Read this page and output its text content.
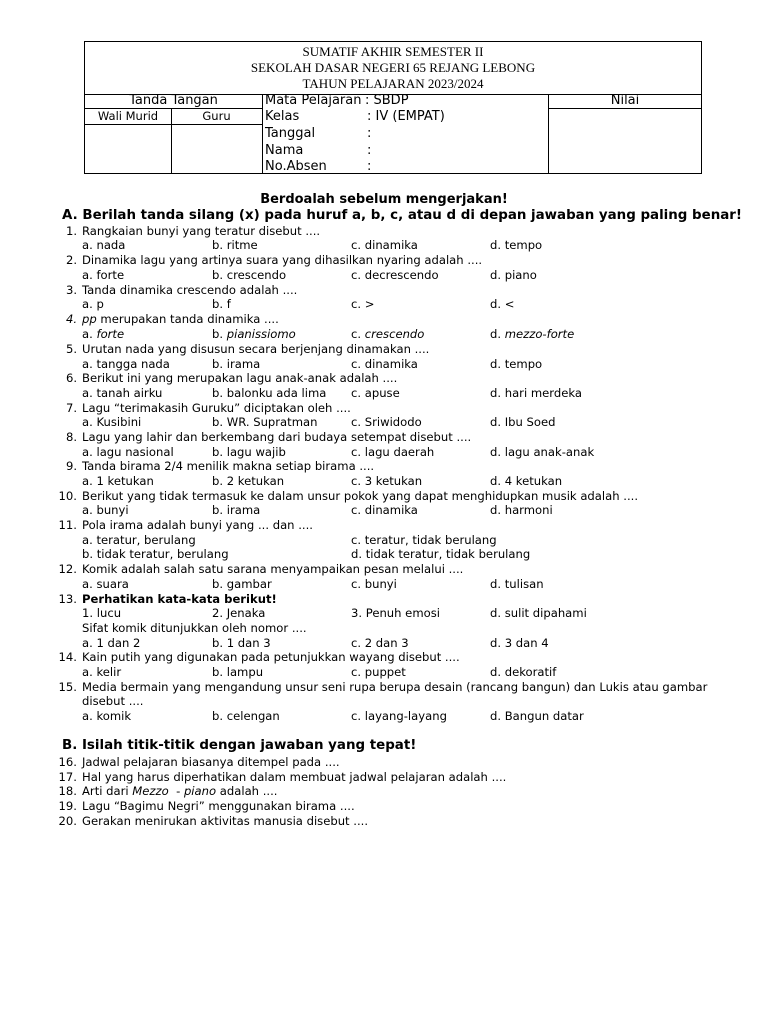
SUMATIF AKHIR SEMESTER II
SEKOLAH DASAR NEGERI 65 REJANG LEBONG
TAHUN PELAJARAN 2023/2024
Tanda Tangan
Wali Murid	Guru
Nilai
Mata Pelajaran : SBDP
Kelas	: IV (EMPAT)
Tanggal	:
Nama	:
No.Absen	:
Berdoalah sebelum mengerjakan!
A. Berilah tanda silang (x) pada huruf a, b, c, atau d di depan jawaban yang paling benar!
1. Rangkaian bunyi yang teratur disebut ....
a. nada	b. ritme	c. dinamika	d. tempo
2. Dinamika lagu yang artinya suara yang dihasilkan nyaring adalah ....
a. forte	b. crescendo	c. decrescendo	d. piano
3. Tanda dinamika crescendo adalah ....
a. p	b. f	c. >	d. <
4. pp merupakan tanda dinamika ....
a. forte	b. pianissiomo	c. crescendo	d. mezzo-forte
5. Urutan nada yang disusun secara berjenjang dinamakan ....
a. tangga nada	b. irama	c. dinamika	d. tempo
6. Berikut ini yang merupakan lagu anak-anak adalah ....
a. tanah airku	b. balonku ada lima c. apuse	d. hari merdeka
7. Lagu “terimakasih Guruku” diciptakan oleh ....
a. Kusibini	b. WR. Supratman	c. Sriwidodo	d. Ibu Soed
8. Lagu yang lahir dan berkembang dari budaya setempat disebut ....
a. lagu nasional	b. lagu wajib	c. lagu daerah	d. lagu anak-anak
9. Tanda birama 2/4 menilik makna setiap birama ....
a. 1 ketukan	b. 2 ketukan	c. 3 ketukan	d. 4 ketukan
10. Berikut yang tidak termasuk ke dalam unsur pokok yang dapat menghidupkan musik adalah ....
a. bunyi	b. irama	c. dinamika	d. harmoni
11. Pola irama adalah bunyi yang ... dan ....
a. teratur, berulang	c. teratur, tidak berulang
b. tidak teratur, berulang	d. tidak teratur, tidak berulang
12. Komik adalah salah satu sarana menyampaikan pesan melalui ....
a. suara	b. gambar	c. bunyi	d. tulisan
13. Perhatikan kata-kata berikut!
1. lucu	2. Jenaka	3. Penuh emosi	d. sulit dipahami
Sifat komik ditunjukkan oleh nomor ....
a. 1 dan 2	b. 1 dan 3	c. 2 dan 3	d. 3 dan 4
14. Kain putih yang digunakan pada petunjukkan wayang disebut ....
a. kelir	b. lampu	c. puppet	d. dekoratif
15. Media bermain yang mengandung unsur seni rupa berupa desain (rancang bangun) dan Lukis atau gambar
disebut ....
a. komik	b. celengan	c. layang-layang	d. Bangun datar
B. Isilah titik-titik dengan jawaban yang tepat!
16. Jadwal pelajaran biasanya ditempel pada ....
17. Hal yang harus diperhatikan dalam membuat jadwal pelajaran adalah ....
18. Arti dari Mezzo  - piano adalah ....
19. Lagu “Bagimu Negri” menggunakan birama ....
20. Gerakan menirukan aktivitas manusia disebut ....
